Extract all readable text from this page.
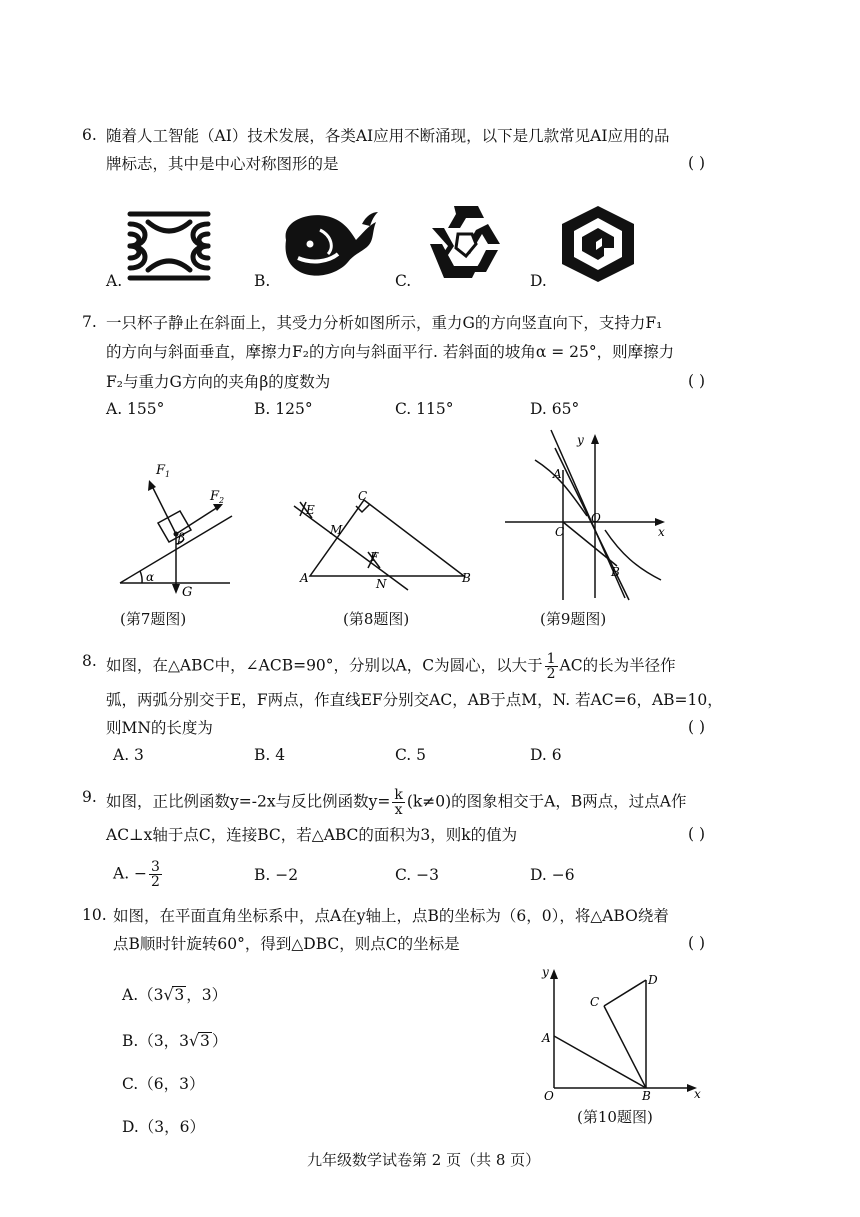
6. 随着人工智能（AI）技术发展，各类AI应用不断涌现，以下是几款常见AI应用的品
牌标志，其中是中心对称图形的是	( )
A.	B.	C.	D.
7. 一只杯子静止在斜面上，其受力分析如图所示，重力G的方向竖直向下，支持力F₁
的方向与斜面垂直，摩擦力F₂的方向与斜面平行. 若斜面的坡角α = 25°，则摩擦力
F₂与重力G方向的夹角β的度数为	( )
A. 155°	B. 125°	C. 115°	D. 65°
F 1
F 2
β
α
G
(第7题图)
E
C
M
F
A	N	B
(第8题图)
y
A
O
C	x
B
(第9题图)
8. 如图，在△ABC中，∠ACB=90°，分别以A，C为圆心，以大于 $\frac{1}{2}$ AC的长为半径作
弧，两弧分别交于E，F两点，作直线EF分别交AC，AB于点M，N. 若AC=6，AB=10，
则MN的长度为	( )
A. 3	B. 4	C. 5	D. 6
9. 如图，正比例函数y=-2x与反比例函数$y= \frac{k}{x} (k\ne 0)$的图象相交于A，B两点，过点A作
AC⊥x轴于点C，连接BC，若△ABC的面积为3，则k的值为	( )
A. − $\frac{3}{2}$	B. −2	C. −3	D. −6
10. 如图，在平面直角坐标系中，点A在y轴上，点B的坐标为（6，0），将△ABO绕着
点B顺时针旋转60°，得到△DBC，则点C的坐标是	( )
A.（3√3 ，3）
B.（3，3√3 ）
C.（6，3）
D.（3，6）
y
D
C
A
O	B	x
(第10题图)
九年级数学试卷第 2 页（共 8 页）
